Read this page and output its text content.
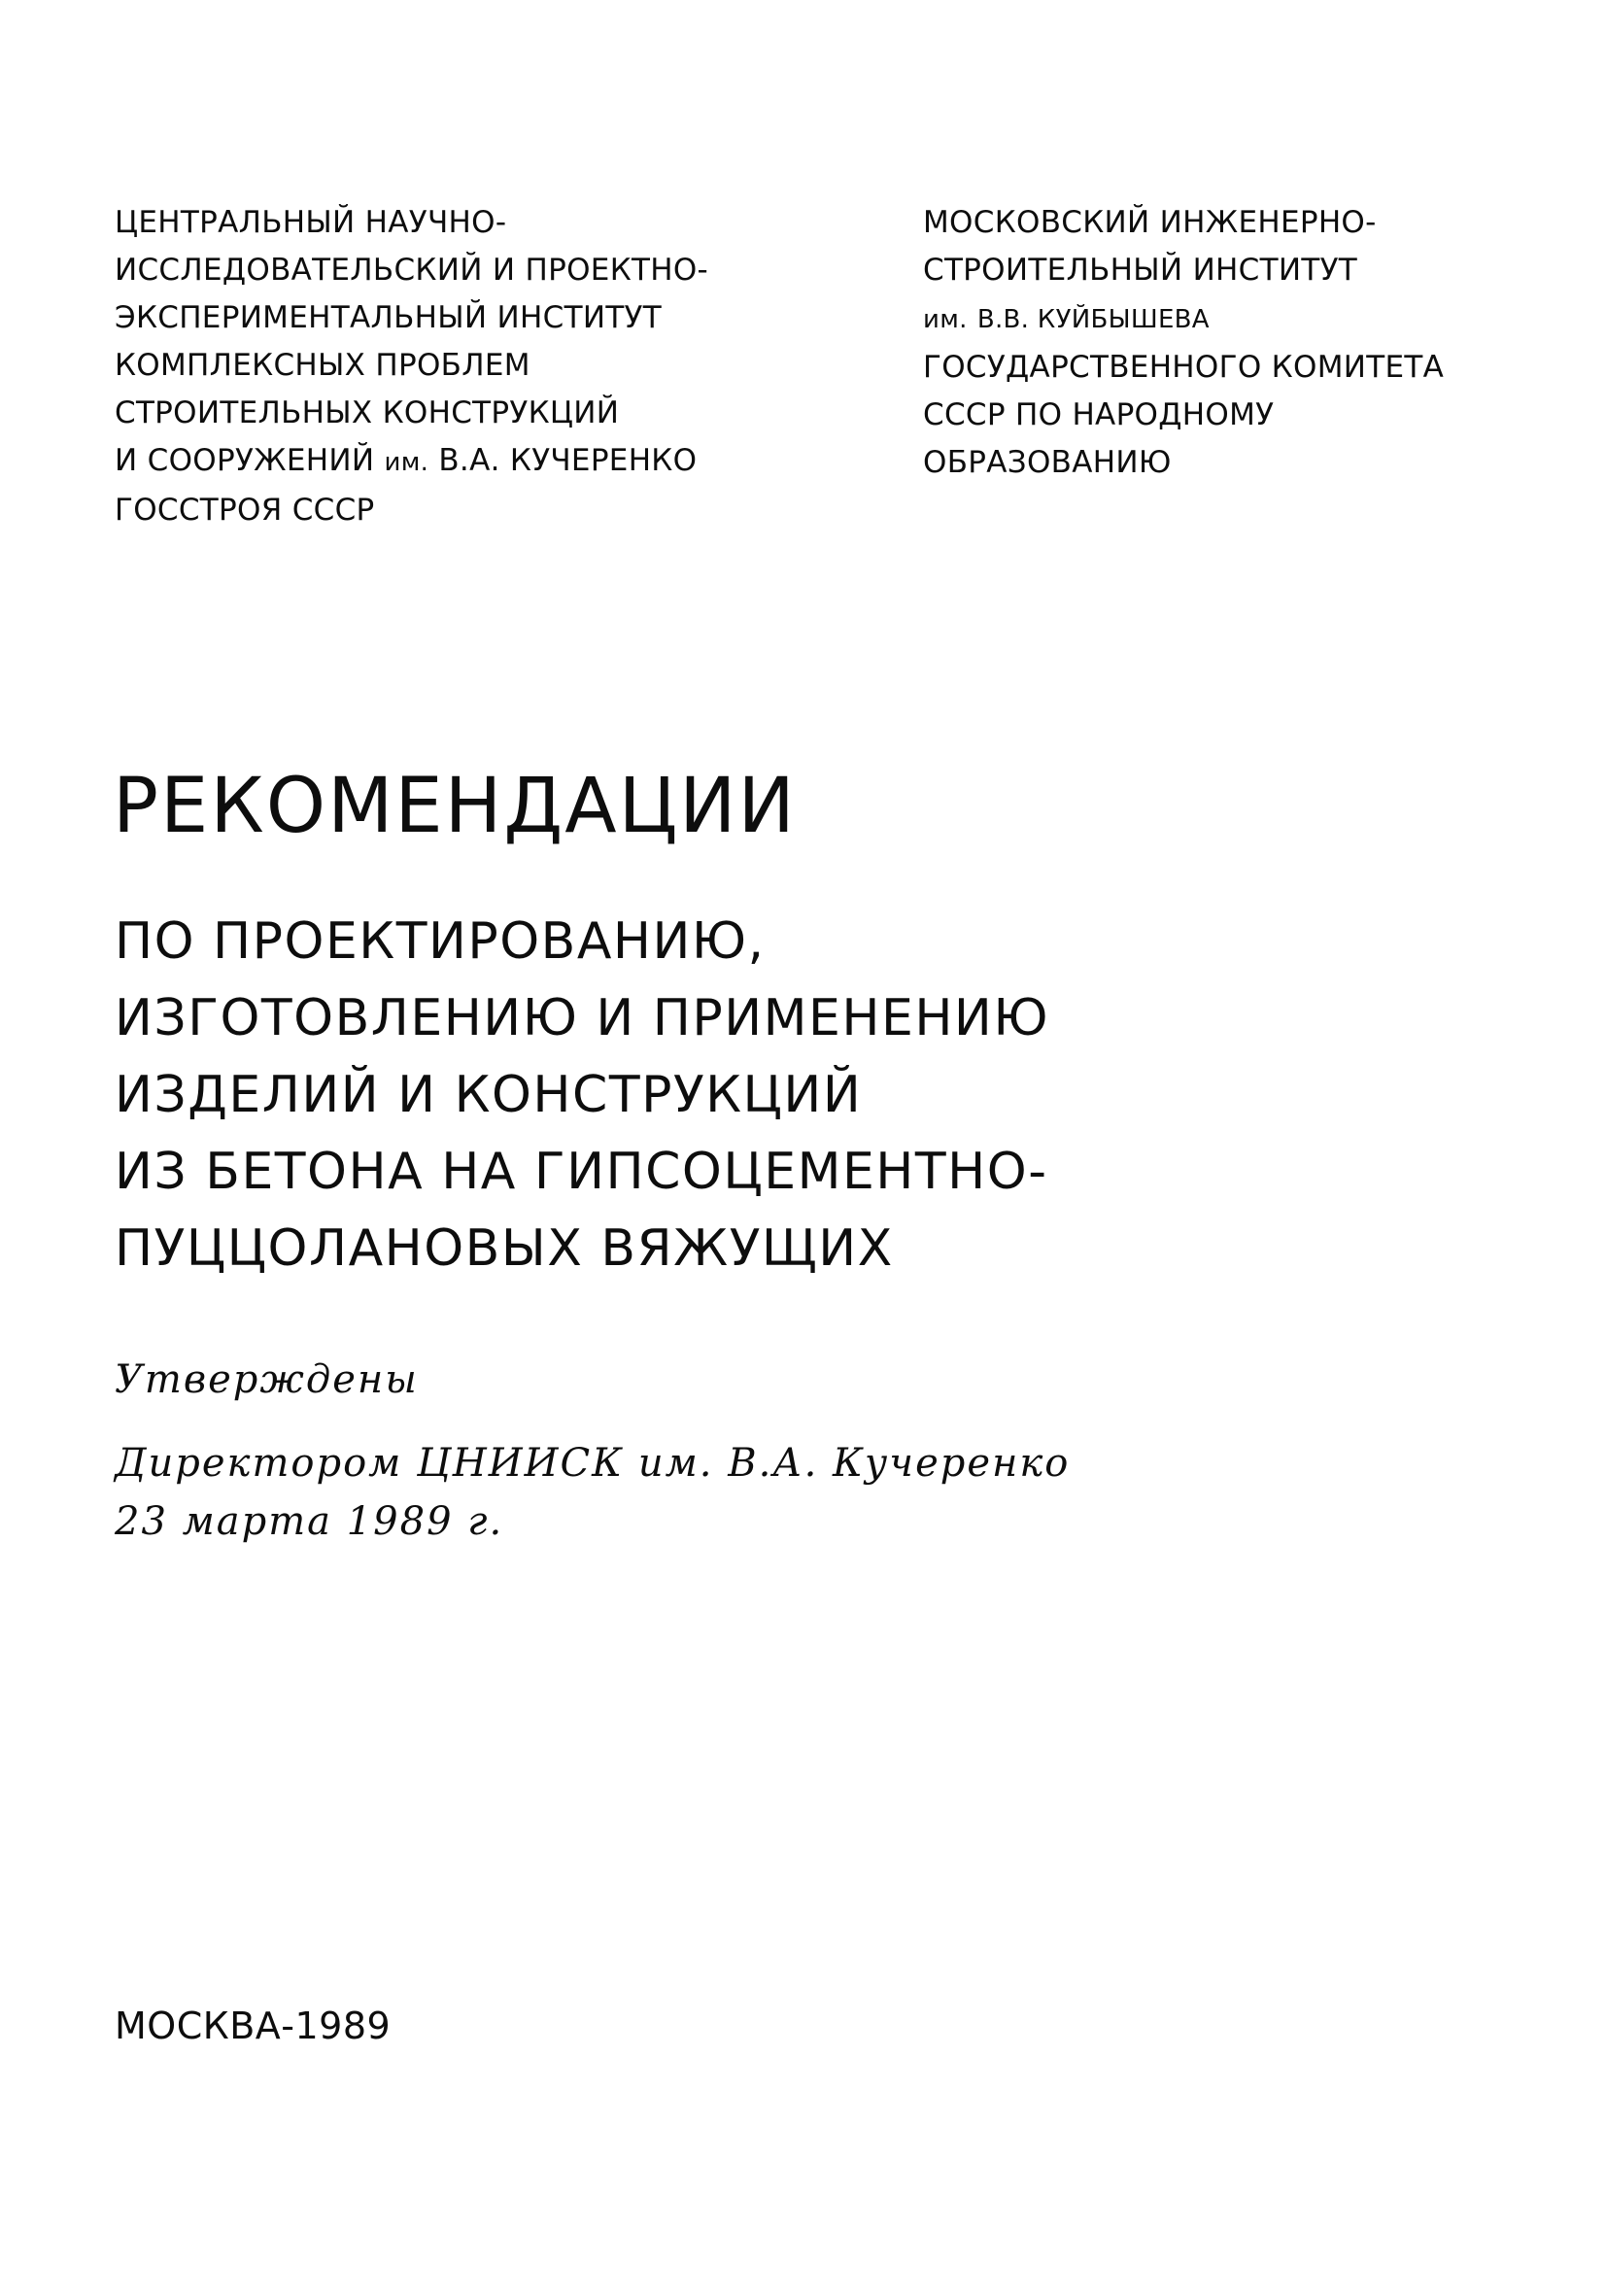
ЦЕНТРАЛЬНЫЙ НАУЧНО-
ИССЛЕДОВАТЕЛЬСКИЙ И ПРОЕКТНО-
ЭКСПЕРИМЕНТАЛЬНЫЙ ИНСТИТУТ
КОМПЛЕКСНЫХ ПРОБЛЕМ
СТРОИТЕЛЬНЫХ КОНСТРУКЦИЙ
И СООРУЖЕНИЙ им. В.А. КУЧЕРЕНКО
ГОССТРОЯ СССР
МОСКОВСКИЙ ИНЖЕНЕРНО-
СТРОИТЕЛЬНЫЙ ИНСТИТУТ
им. В.В. КУЙБЫШЕВА
ГОСУДАРСТВЕННОГО КОМИТЕТА
СССР ПО НАРОДНОМУ
ОБРАЗОВАНИЮ
РЕКОМЕНДАЦИИ
ПО ПРОЕКТИРОВАНИЮ,
ИЗГОТОВЛЕНИЮ И ПРИМЕНЕНИЮ
ИЗДЕЛИЙ И КОНСТРУКЦИЙ
ИЗ БЕТОНА НА ГИПСОЦЕМЕНТНО-
ПУЦЦОЛАНОВЫХ ВЯЖУЩИХ
Утверждены
Директором ЦНИИСК им. В.А. Кучеренко
23 марта 1989 г.
МОСКВА-1989
